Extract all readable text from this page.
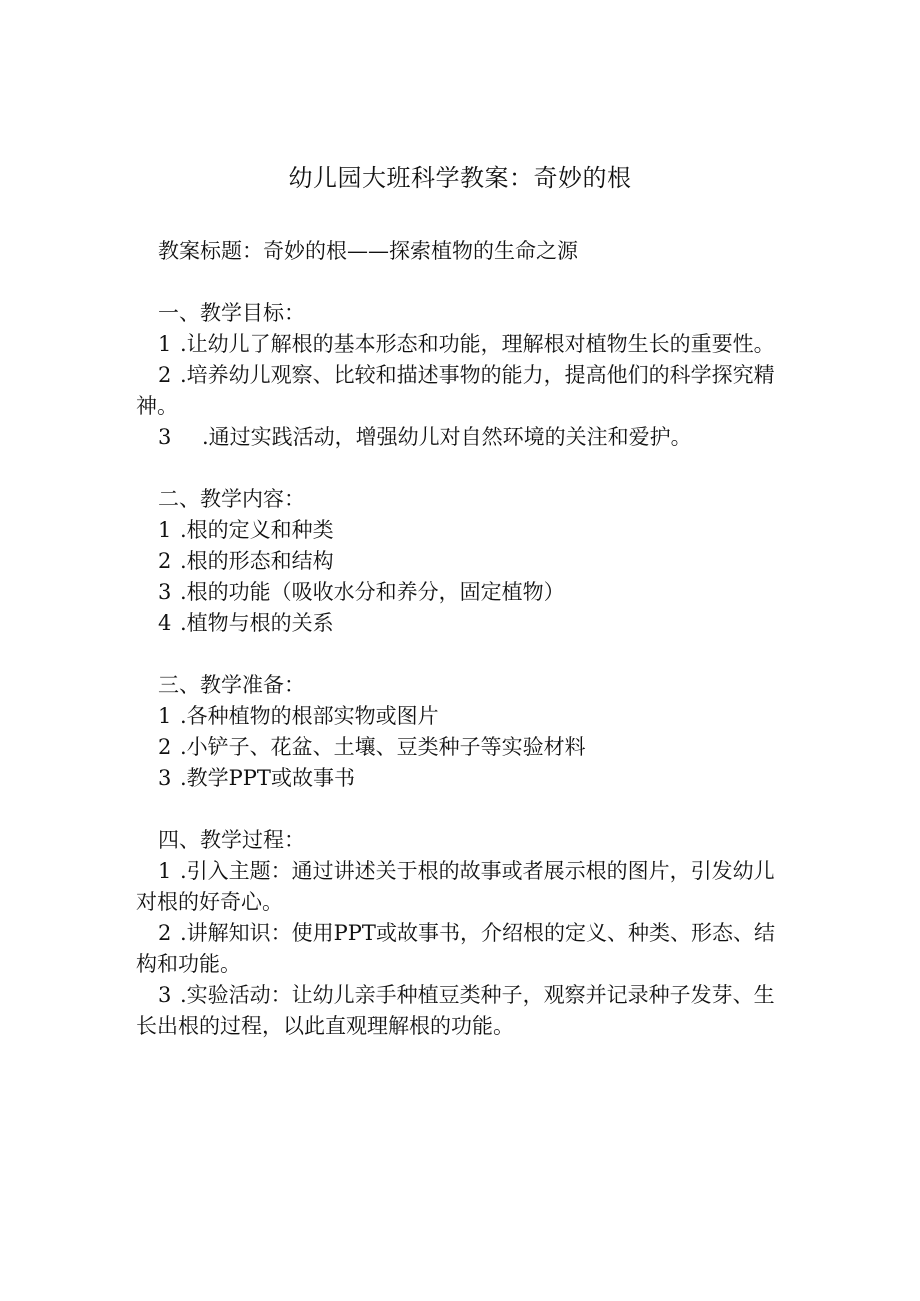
幼儿园大班科学教案：奇妙的根

教案标题：奇妙的根——探索植物的生命之源

一、教学目标：

1 .让幼儿了解根的基本形态和功能，理解根对植物生长的重要性。

2 .培养幼儿观察、比较和描述事物的能力，提高他们的科学探究精神。

3 .通过实践活动，增强幼儿对自然环境的关注和爱护。

二、教学内容：

1 .根的定义和种类

2 .根的形态和结构

3 .根的功能（吸收水分和养分，固定植物）

4 .植物与根的关系

三、教学准备：

1 .各种植物的根部实物或图片

2 .小铲子、花盆、土壤、豆类种子等实验材料

3 .教学PPT或故事书

四、教学过程：

1 .引入主题：通过讲述关于根的故事或者展示根的图片，引发幼儿对根的好奇心。

2 .讲解知识：使用PPT或故事书，介绍根的定义、种类、形态、结构和功能。

3 .实验活动：让幼儿亲手种植豆类种子，观察并记录种子发芽、生长出根的过程，以此直观理解根的功能。
